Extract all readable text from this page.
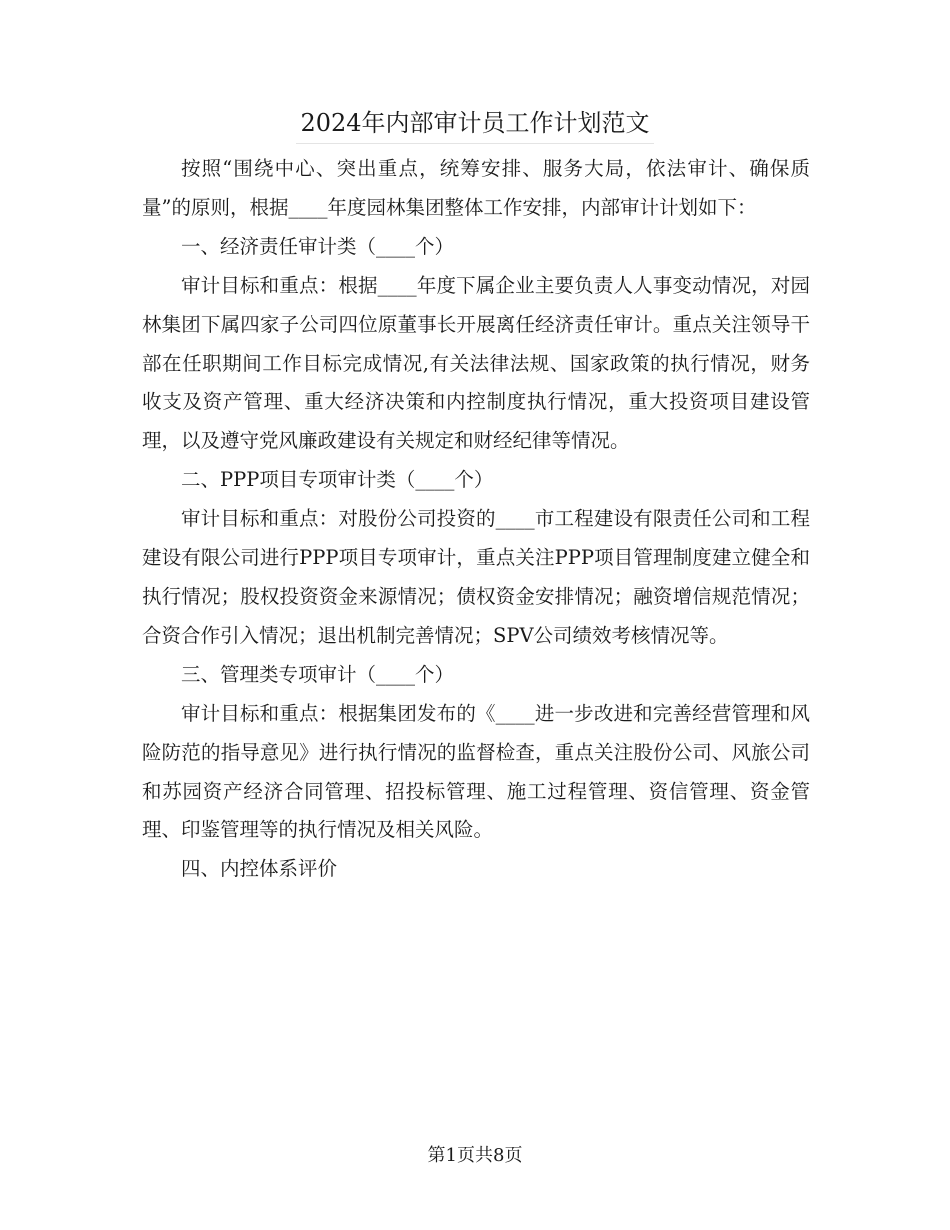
2024年内部审计员工作计划范文

按照“围绕中心、突出重点，统筹安排、服务大局，依法审计、确保质量”的原则，根据____年度园林集团整体工作安排，内部审计计划如下：

一、经济责任审计类（____个）

审计目标和重点：根据____年度下属企业主要负责人人事变动情况，对园林集团下属四家子公司四位原董事长开展离任经济责任审计。重点关注领导干部在任职期间工作目标完成情况,有关法律法规、国家政策的执行情况，财务收支及资产管理、重大经济决策和内控制度执行情况，重大投资项目建设管理，以及遵守党风廉政建设有关规定和财经纪律等情况。

二、PPP项目专项审计类（____个）

审计目标和重点：对股份公司投资的____市工程建设有限责任公司和工程建设有限公司进行PPP项目专项审计，重点关注PPP项目管理制度建立健全和执行情况；股权投资资金来源情况；债权资金安排情况；融资增信规范情况；合资合作引入情况；退出机制完善情况；SPV公司绩效考核情况等。

三、管理类专项审计（____个）

审计目标和重点：根据集团发布的《____进一步改进和完善经营管理和风险防范的指导意见》进行执行情况的监督检查，重点关注股份公司、风旅公司和苏园资产经济合同管理、招投标管理、施工过程管理、资信管理、资金管理、印鉴管理等的执行情况及相关风险。

四、内控体系评价

第1页共8页
